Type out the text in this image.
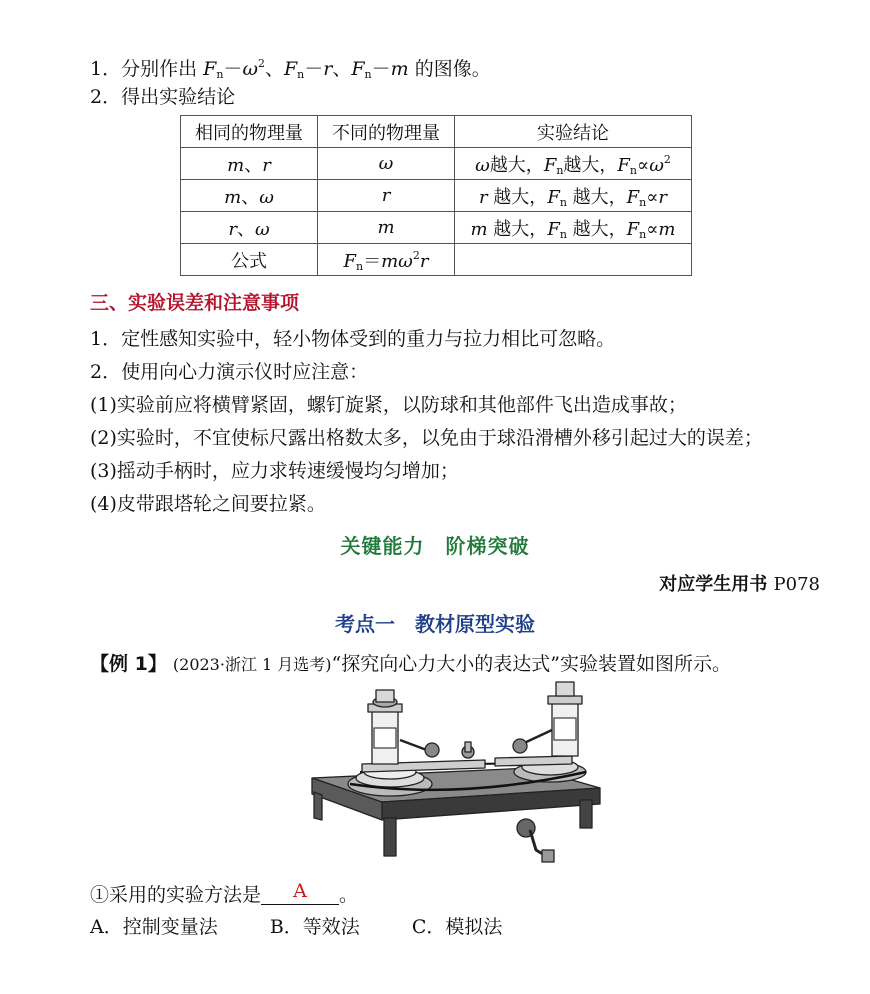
1．分别作出 $F_n-\omega^2$、$F_n-r$、$F_n-m$ 的图像。
2．得出实验结论
相同的物理量	不同的物理量	实验结论
m、r	ω	ω越大，$F_n$越大，$F_n\propto\omega^2$
m、ω	r	r 越大，$F_n$ 越大，$F_n\propto r$
r、ω	m	m 越大，$F_n$ 越大，$F_n\propto m$
公式	$F_n=m\omega^2r$	
三、实验误差和注意事项
1．定性感知实验中，轻小物体受到的重力与拉力相比可忽略。
2．使用向心力演示仪时应注意：
(1)实验前应将横臂紧固，螺钉旋紧，以防球和其他部件飞出造成事故；
(2)实验时，不宜使标尺露出格数太多，以免由于球沿滑槽外移引起过大的误差；
(3)摇动手柄时，应力求转速缓慢均匀增加；
(4)皮带跟塔轮之间要拉紧。
关键能力　阶梯突破
对应学生用书 P078
考点一　教材原型实验
【例 1】 (2023·浙江 1 月选考)“探究向心力大小的表达式”实验装置如图所示。
①采用的实验方法是 A 。
A．控制变量法	B．等效法	C．模拟法
